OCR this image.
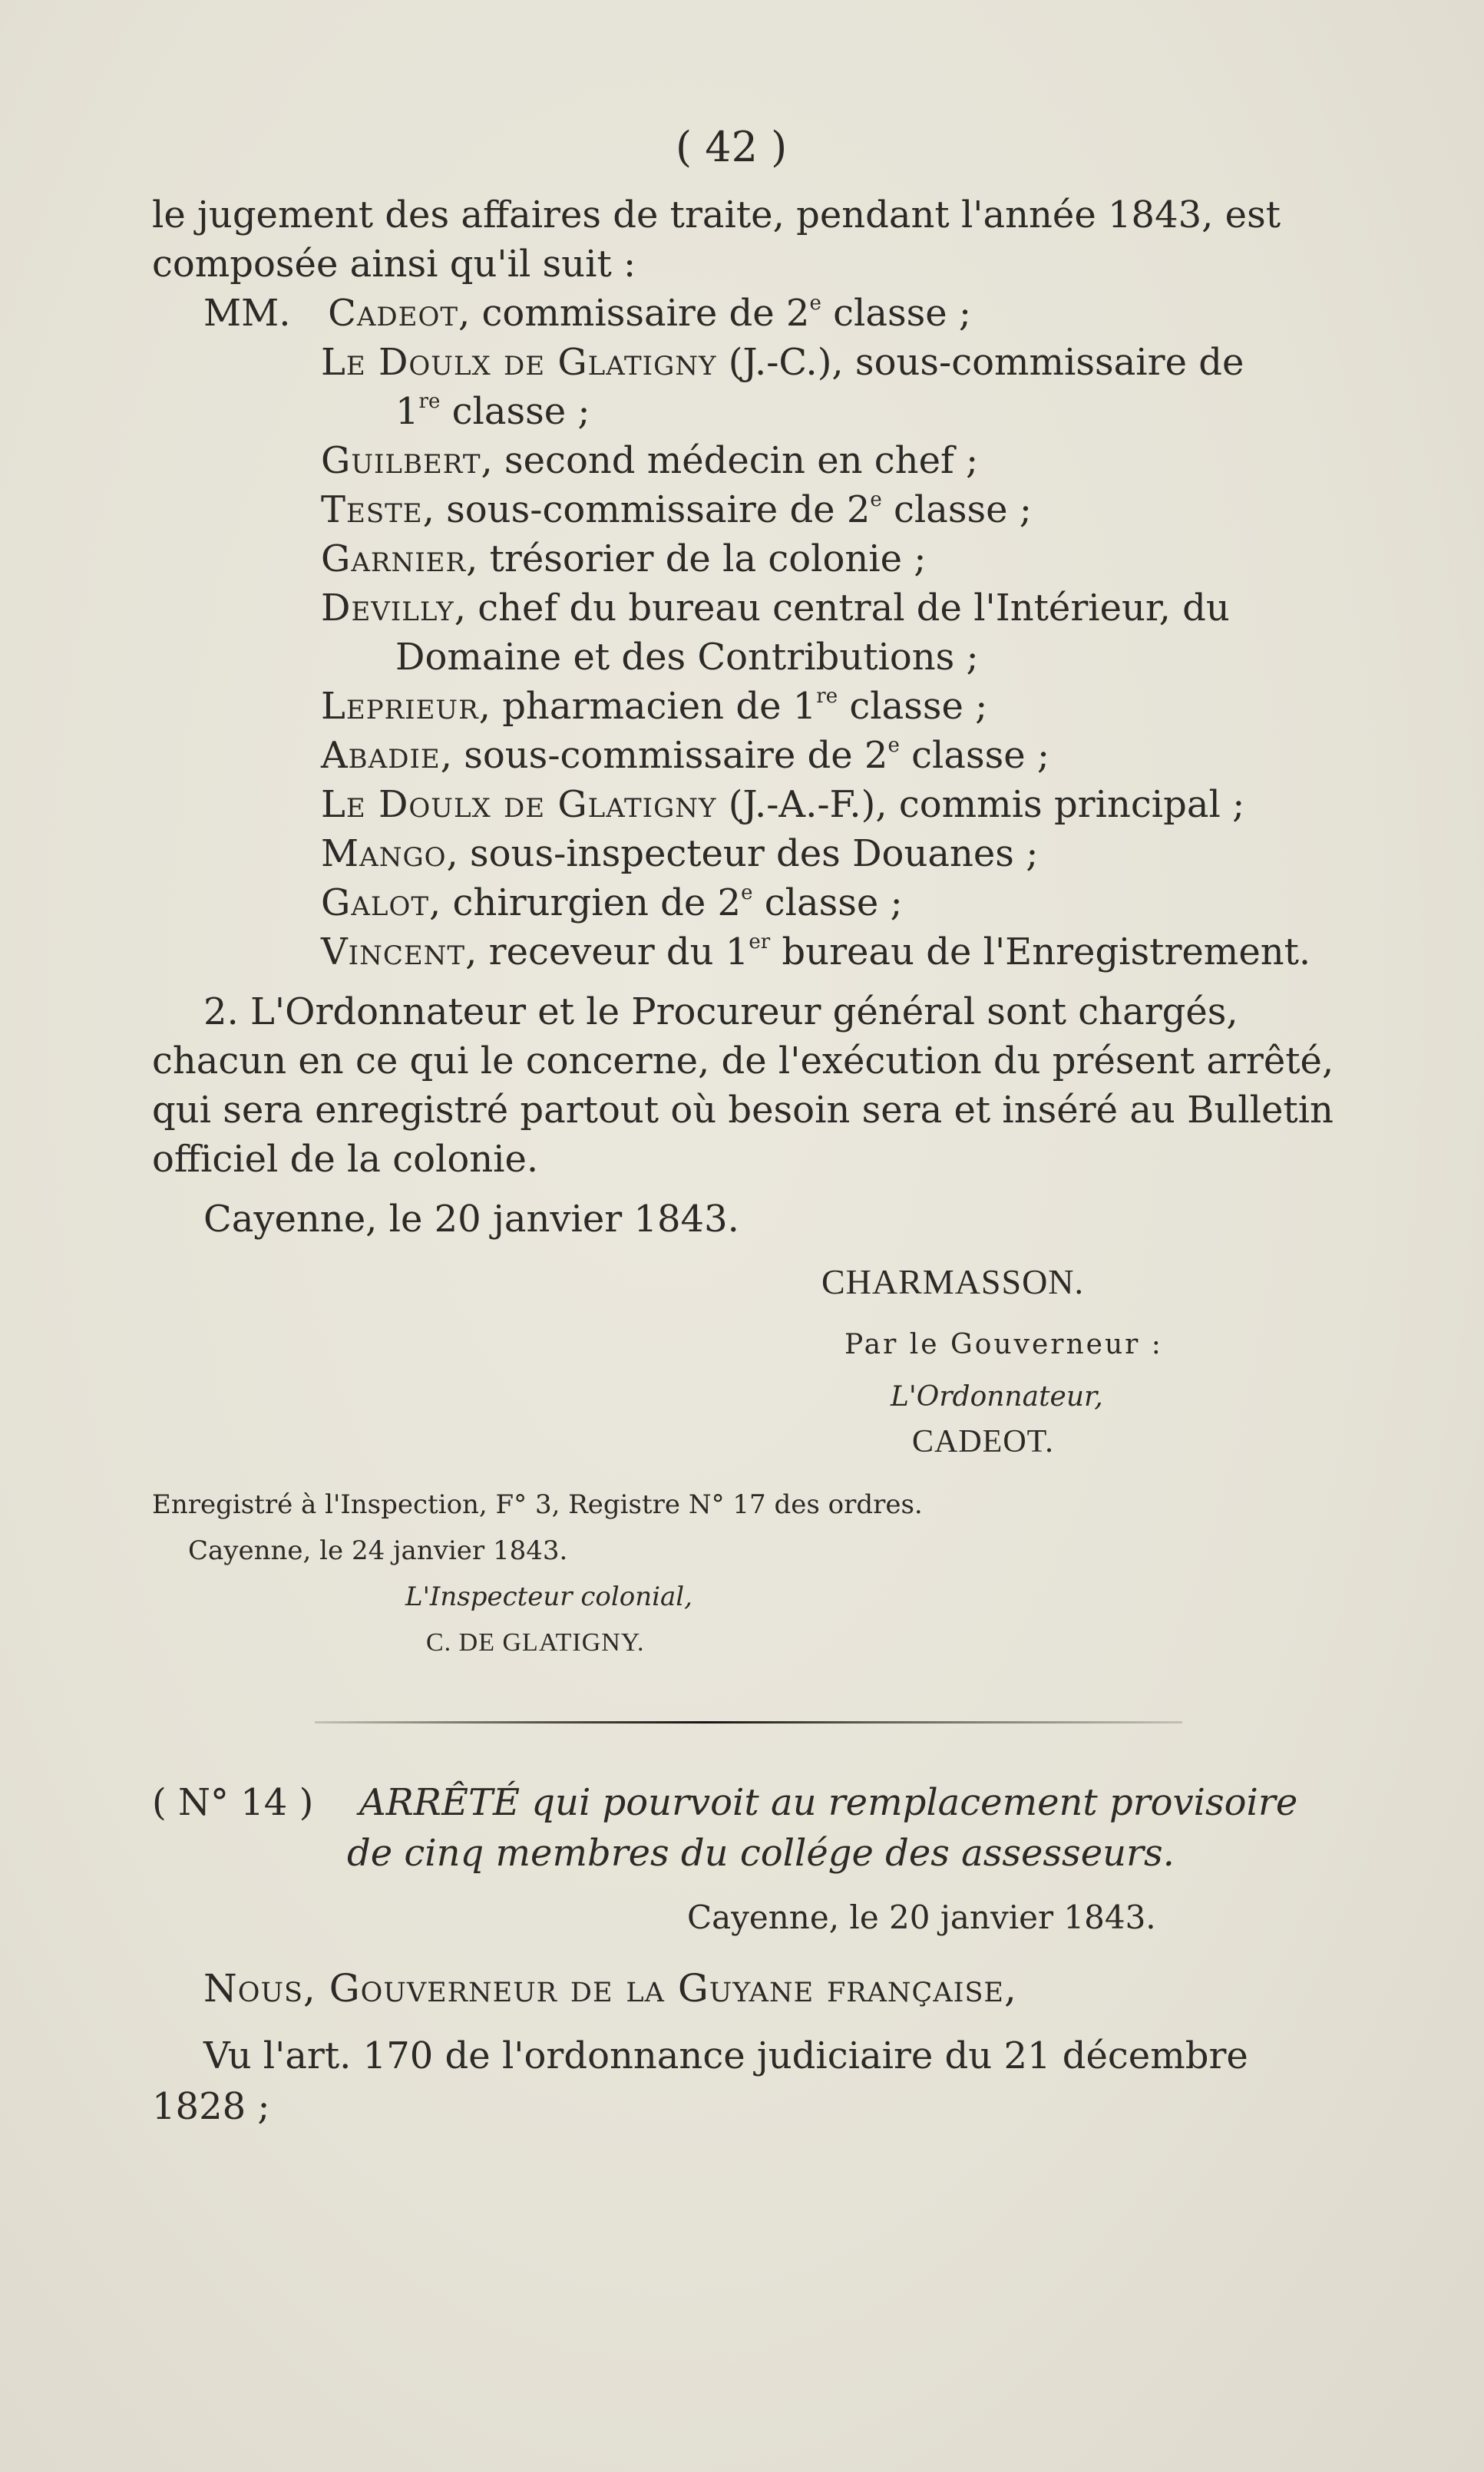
( 42 )
le jugement des affaires de traite, pendant l'année 1843, est
composée ainsi qu'il suit :
MM. Cadeot, commissaire de 2e classe ;
Le Doulx de Glatigny (J.-C.), sous-commissaire de
1re classe ;
Guilbert, second médecin en chef ;
Teste, sous-commissaire de 2e classe ;
Garnier, trésorier de la colonie ;
Devilly, chef du bureau central de l'Intérieur, du
Domaine et des Contributions ;
Leprieur, pharmacien de 1re classe ;
Abadie, sous-commissaire de 2e classe ;
Le Doulx de Glatigny (J.-A.-F.), commis principal ;
Mango, sous-inspecteur des Douanes ;
Galot, chirurgien de 2e classe ;
Vincent, receveur du 1er bureau de l'Enregistrement.
2. L'Ordonnateur et le Procureur général sont chargés,
chacun en ce qui le concerne, de l'exécution du présent arrêté,
qui sera enregistré partout où besoin sera et inséré au Bulletin
officiel de la colonie.
Cayenne, le 20 janvier 1843.
CHARMASSON.
Par le Gouverneur :
L'Ordonnateur,
CADEOT.
Enregistré à l'Inspection, F° 3, Registre N° 17 des ordres.
Cayenne, le 24 janvier 1843.
L'Inspecteur colonial,
C. DE GLATIGNY.
( N° 14 ) ARRÊTÉ qui pourvoit au remplacement provisoire
de cinq membres du collége des assesseurs.
Cayenne, le 20 janvier 1843.
Nous, Gouverneur de la Guyane française,
Vu l'art. 170 de l'ordonnance judiciaire du 21 décembre
1828 ;
